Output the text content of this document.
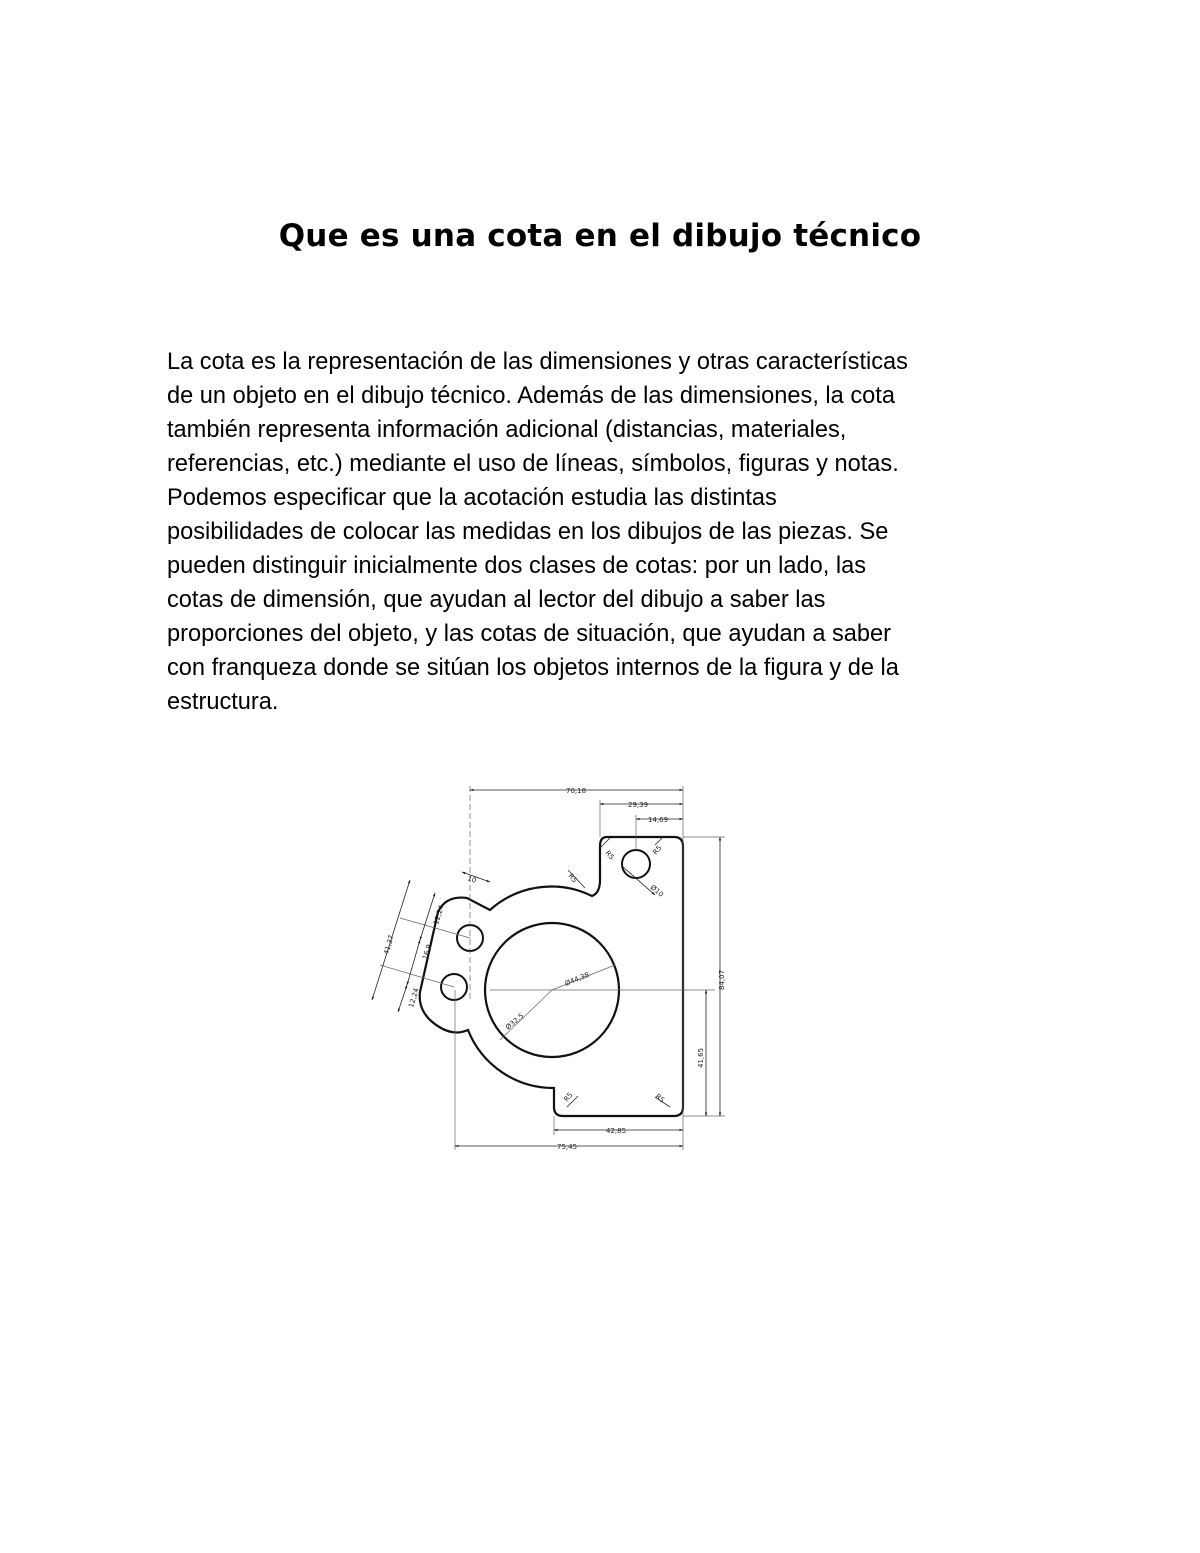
Que es una cota en el dibujo técnico
La cota es la representación de las dimensiones y otras características
de un objeto en el dibujo técnico. Además de las dimensiones, la cota
también representa información adicional (distancias, materiales,
referencias, etc.) mediante el uso de líneas, símbolos, figuras y notas.
Podemos especificar que la acotación estudia las distintas
posibilidades de colocar las medidas en los dibujos de las piezas. Se
pueden distinguir inicialmente dos clases de cotas: por un lado, las
cotas de dimensión, que ayudan al lector del dibujo a saber las
proporciones del objeto, y las cotas de situación, que ayudan a saber
con franqueza donde se sitúan los objetos internos de la figura y de la
estructura.
70,18
29,39
14,69
84,07
41,65
42,85
75,45
41,37
12,24
16,9
12,24
10
Ø10
Ø44,38
Ø32,5
R5
R5
R5
R5	R5
